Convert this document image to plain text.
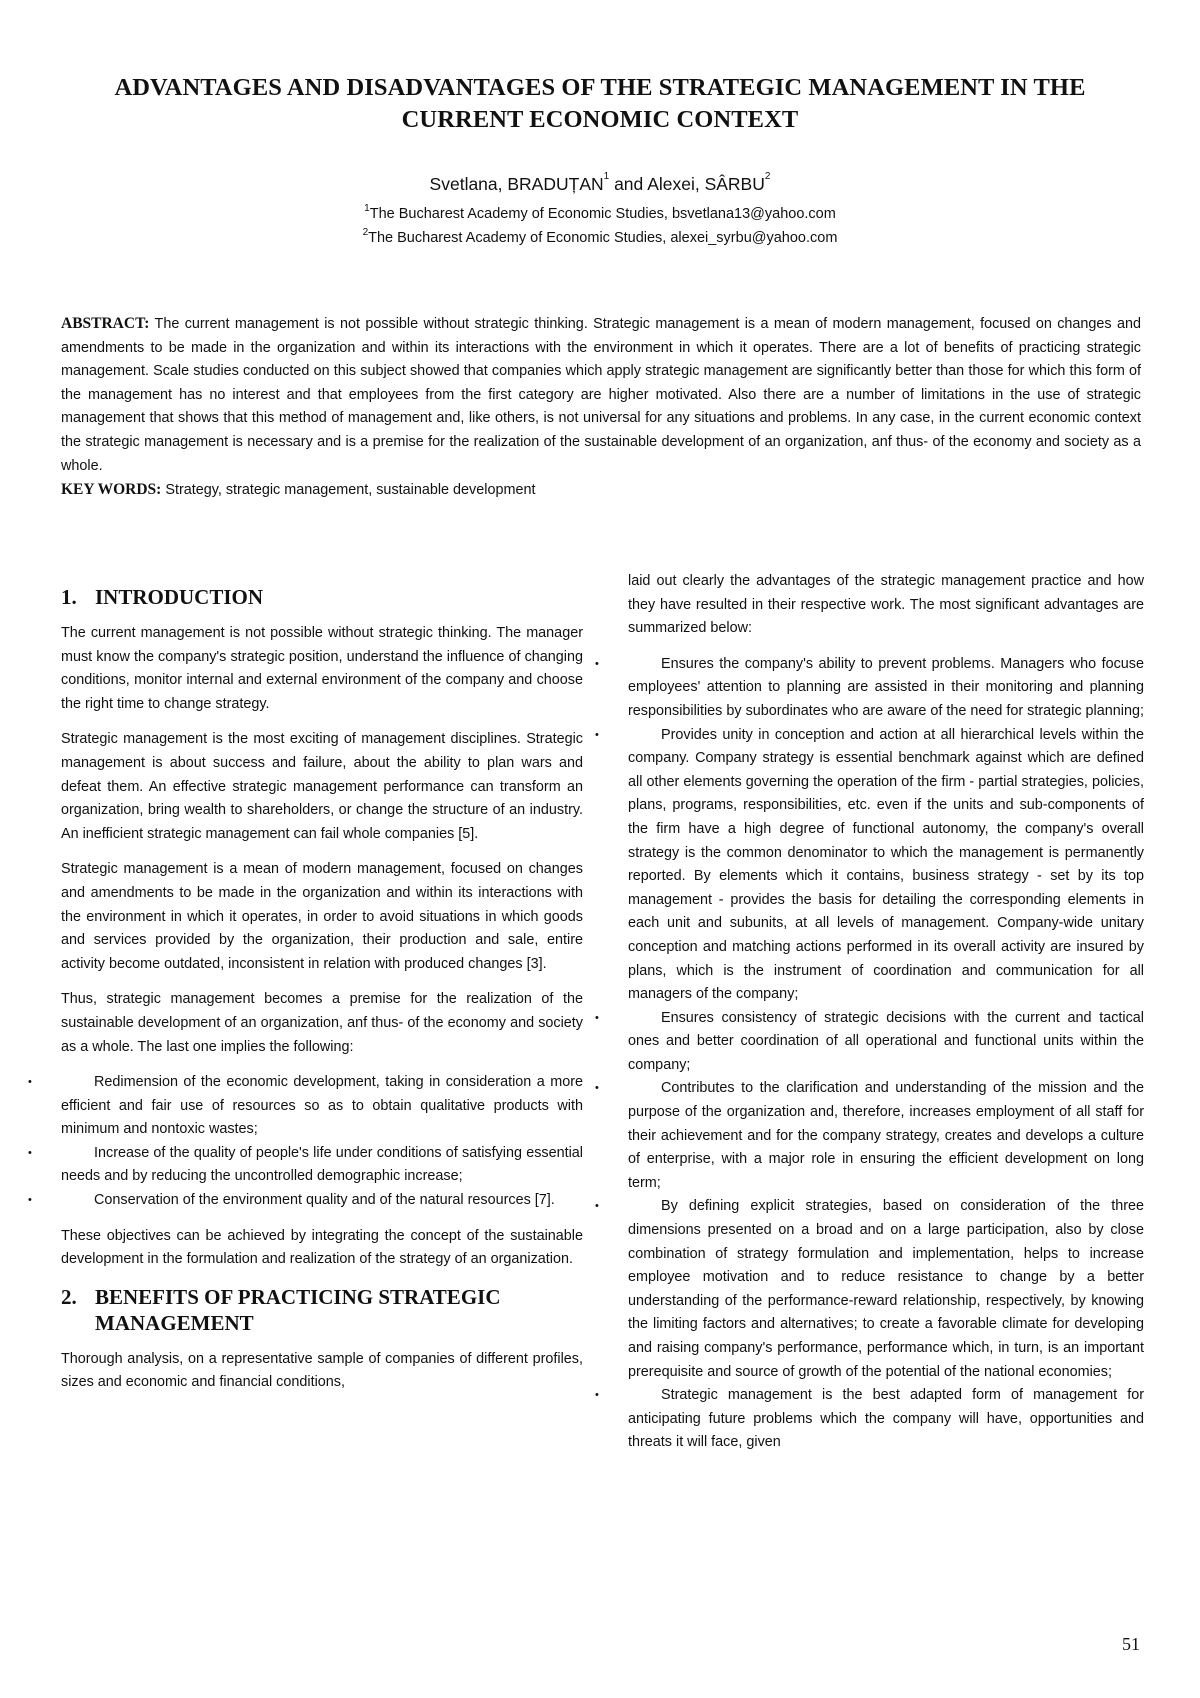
ADVANTAGES AND DISADVANTAGES OF THE STRATEGIC MANAGEMENT IN THE CURRENT ECONOMIC CONTEXT
Svetlana, BRADUȚAN$^1$ and Alexei, SÂRBU$^2$
$^1$The Bucharest Academy of Economic Studies, bsvetlana13@yahoo.com
$^2$The Bucharest Academy of Economic Studies, alexei_syrbu@yahoo.com

ABSTRACT: The current management is not possible without strategic thinking. Strategic management is a mean of modern management, focused on changes and amendments to be made in the organization and within its interactions with the environment in which it operates. There are a lot of benefits of practicing strategic management. Scale studies conducted on this subject showed that companies which apply strategic management are significantly better than those for which this form of the management has no interest and that employees from the first category are higher motivated. Also there are a number of limitations in the use of strategic management that shows that this method of management and, like others, is not universal for any situations and problems. In any case, in the current economic context the strategic management is necessary and is a premise for the realization of the sustainable development of an organization, anf thus- of the economy and society as a whole.

KEY WORDS: Strategy, strategic management, sustainable development

1. INTRODUCTION

The current management is not possible without strategic thinking. The manager must know the company's strategic position, understand the influence of changing conditions, monitor internal and external environment of the company and choose the right time to change strategy.

Strategic management is the most exciting of management disciplines. Strategic management is about success and failure, about the ability to plan wars and defeat them. An effective strategic management performance can transform an organization, bring wealth to shareholders, or change the structure of an industry. An inefficient strategic management can fail whole companies [5].

Strategic management is a mean of modern management, focused on changes and amendments to be made in the organization and within its interactions with the environment in which it operates, in order to avoid situations in which goods and services provided by the organization, their production and sale, entire activity become outdated, inconsistent in relation with produced changes [3].

Thus, strategic management becomes a premise for the realization of the sustainable development of an organization, anf thus- of the economy and society as a whole. The last one implies the following:

• Redimension of the economic development, taking in consideration a more efficient and fair use of resources so as to obtain qualitative products with minimum and nontoxic wastes;
• Increase of the quality of people's life under conditions of satisfying essential needs and by reducing the uncontrolled demographic increase;
• Conservation of the environment quality and of the natural resources [7].

These objectives can be achieved by integrating the concept of the sustainable development in the formulation and realization of the strategy of an organization.

2. BENEFITS OF PRACTICING STRATEGIC MANAGEMENT

Thorough analysis, on a representative sample of companies of different profiles, sizes and economic and financial conditions,

laid out clearly the advantages of the strategic management practice and how they have resulted in their respective work. The most significant advantages are summarized below:

• Ensures the company's ability to prevent problems. Managers who focuse employees' attention to planning are assisted in their monitoring and planning responsibilities by subordinates who are aware of the need for strategic planning;
• Provides unity in conception and action at all hierarchical levels within the company. Company strategy is essential benchmark against which are defined all other elements governing the operation of the firm - partial strategies, policies, plans, programs, responsibilities, etc. even if the units and sub-components of the firm have a high degree of functional autonomy, the company's overall strategy is the common denominator to which the management is permanently reported. By elements which it contains, business strategy - set by its top management - provides the basis for detailing the corresponding elements in each unit and subunits, at all levels of management. Company-wide unitary conception and matching actions performed in its overall activity are insured by plans, which is the instrument of coordination and communication for all managers of the company;
• Ensures consistency of strategic decisions with the current and tactical ones and better coordination of all operational and functional units within the company;
• Contributes to the clarification and understanding of the mission and the purpose of the organization and, therefore, increases employment of all staff for their achievement and for the company strategy, creates and develops a culture of enterprise, with a major role in ensuring the efficient development on long term;
• By defining explicit strategies, based on consideration of the three dimensions presented on a broad and on a large participation, also by close combination of strategy formulation and implementation, helps to increase employee motivation and to reduce resistance to change by a better understanding of the performance-reward relationship, respectively, by knowing the limiting factors and alternatives; to create a favorable climate for developing and raising company's performance, performance which, in turn, is an important prerequisite and source of growth of the potential of the national economies;
• Strategic management is the best adapted form of management for anticipating future problems which the company will have, opportunities and threats it will face, given
51
